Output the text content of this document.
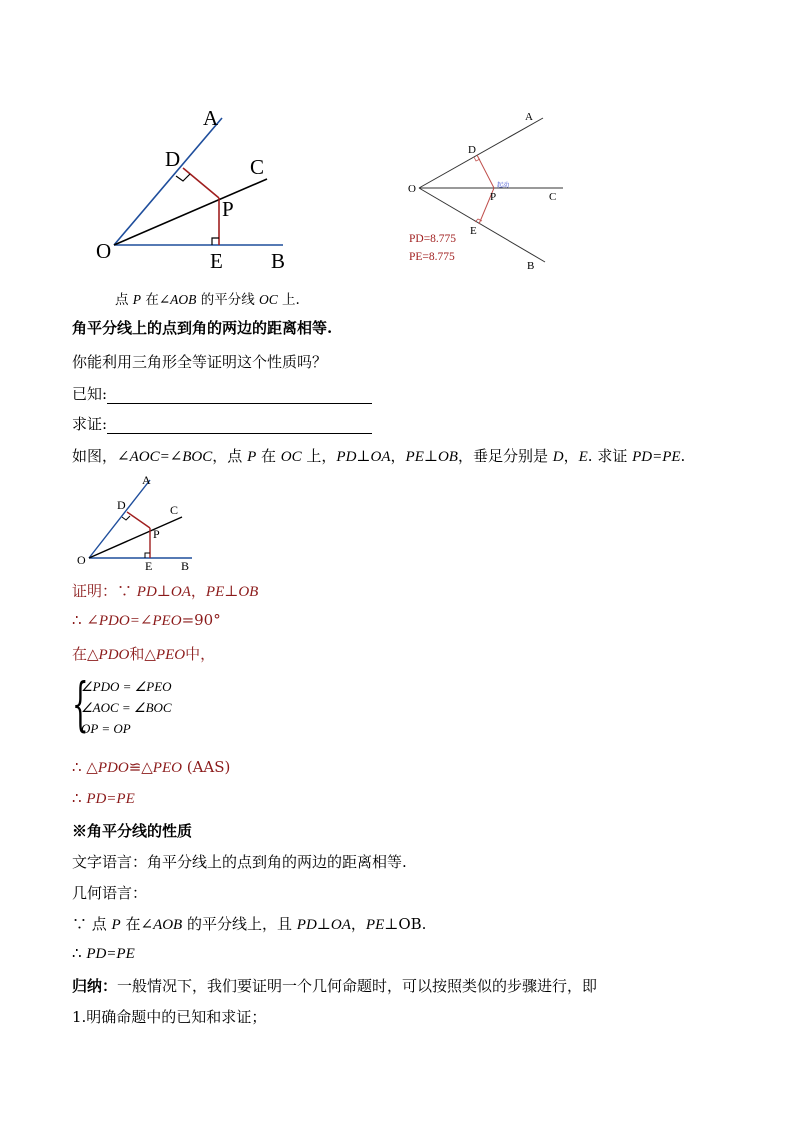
A
C
D
P
O	E B
A
D
O
P
起动
C
E
B
PD=8.775
PE=8.775
点 P 在∠AOB 的平分线 OC 上.
角平分线上的点到角的两边的距离相等.
你能利用三角形全等证明这个性质吗？
已知:
求证:
如图，∠AOC=∠BOC，点 P 在 OC 上，PD⊥OA，PE⊥OB，垂足分别是 D，E. 求证 PD=PE.
A
D	C
P
O	E B
证明：∵ PD⊥OA，PE⊥OB
∴ ∠PDO=∠PEO=90°
在△PDO和△PEO中，
{
∠PDO = ∠PEO
∠AOC = ∠BOC
OP = OP
∴ △PDO≌△PEO (AAS)
∴ PD=PE
※角平分线的性质
文字语言：角平分线上的点到角的两边的距离相等.
几何语言：
∵ 点 P 在∠AOB 的平分线上，且 PD⊥OA，PE⊥OB.
∴ PD=PE
归纳：一般情况下，我们要证明一个几何命题时，可以按照类似的步骤进行，即
1.明确命题中的已知和求证；
